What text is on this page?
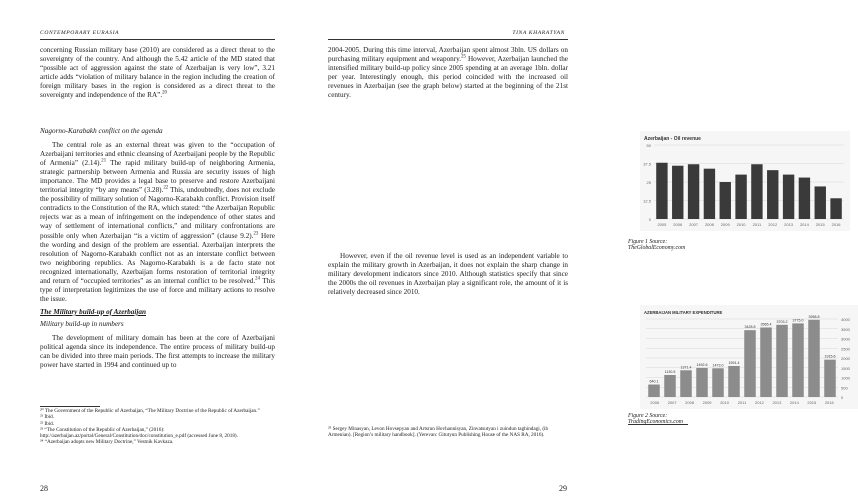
CONTEMPORARY EURASIA

concerning Russian military base (2010) are considered as a direct threat to the sovereignty of the country. And although the 5.42 article of the MD stated that “possible act of aggression against the state of Azerbaijan is very low”, 3.21 article adds “violation of military balance in the region including the creation of foreign military bases in the region is considered as a direct threat to the sovereignty and independence of the RA”.$^{20}$

Nagorno-Karabakh conflict on the agenda

The central role as an external threat was given to the “occupation of Azerbaijani territories and ethnic cleansing of Azerbaijani people by the Republic of Armenia” (2.14).$^{21}$ The rapid military build-up of neighboring Armenia, strategic partnership between Armenia and Russia are security issues of high importance. The MD provides a legal base to preserve and restore Azerbaijani territorial integrity “by any means” (3.28).$^{22}$ This, undoubtedly, does not exclude the possibility of military solution of Nagorno-Karabakh conflict. Provision itself contradicts to the Constitution of the RA, which stated: “the Azerbaijan Republic rejects war as a mean of infringement on the independence of other states and way of settlement of international conflicts,” and military confrontations are possible only when Azerbaijan “is a victim of aggression” (clause 9.2).$^{23}$ Here the wording and design of the problem are essential. Azerbaijan interprets the resolution of Nagorno-Karabakh conflict not as an interstate conflict between two neighboring republics. As Nagorno-Karabakh is a de facto state not recognized internationally, Azerbaijan forms restoration of territorial integrity and return of “occupied territories” as an internal conflict to be resolved.$^{24}$ This type of interpretation legitimizes the use of force and military actions to resolve the issue.

The Military build-up of Azerbaijan

Military build-up in numbers

The development of military domain has been at the core of Azerbaijani political agenda since its independence. The entire process of military build-up can be divided into three main periods. The first attempts to increase the military power have started in 1994 and continued up to

²⁰ The Government of the Republic of Azerbaijan, “The Military Doctrine of the Republic of Azerbaijan.”
²¹ Ibid.
²² Ibid.
²³ “The Constitution of the Republic of Azerbaijan,” (2016): http://azerbaijan.az/portal/General/Constitution/doc/constitution_e.pdf (accessed June 8, 2018).
²⁴ “Azerbaijan adopts new Military Doctrine,” Vestnik Kavkaza.
28
TINA KHARATYAN

2004-2005. During this time interval, Azerbaijan spent almost 3bln. US dollars on purchasing military equipment and weaponry.$^{25}$ However, Azerbaijan launched the intensified military build-up policy since 2005 spending at an average 1bln. dollar per year. Interestingly enough, this period coincided with the increased oil revenues in Azerbaijan (see the graph below) started at the beginning of the 21st century.

Azerbaijan - Oil revenue
50
37.5
25
12.5
0
2005 2006 2007 2008 2009 2010 2011 2012 2013 2014 2015 2016
Figure 1 Source: TheGlobalEconomy.com

However, even if the oil revenue level is used as an independent variable to explain the military growth in Azerbaijan, it does not explain the sharp change in military development indicators since 2010. Although statistics specify that since the 2000s the oil revenues in Azerbaijan play a significant role, the amount of it is relatively decreased since 2010.

AZERBAIJAN MILITARY EXPENDITURE
4000
3500
3000
2500
2000
1500
1000
500
0
640.1
1130.5
1371.4
1492.6 1473.0
1591.4
3428.8
3565.4
3703.2 3775.0
3958.8
1915.6
2006 2007 2008 2009 2010 2011 2012 2013 2014 2015 2016
Figure 2 Source: TradingEconomics.com
²⁵ Sergey Minasyan, Levon Hovsepyan and Artsrun Hovhannisyan, Zinvatsutyan i zuindun taghindagi, (ib Armenian). [Region’s military handbook]. (Yerevan: Gitutyun Publishing House of the NAS RA, 2016).
29
